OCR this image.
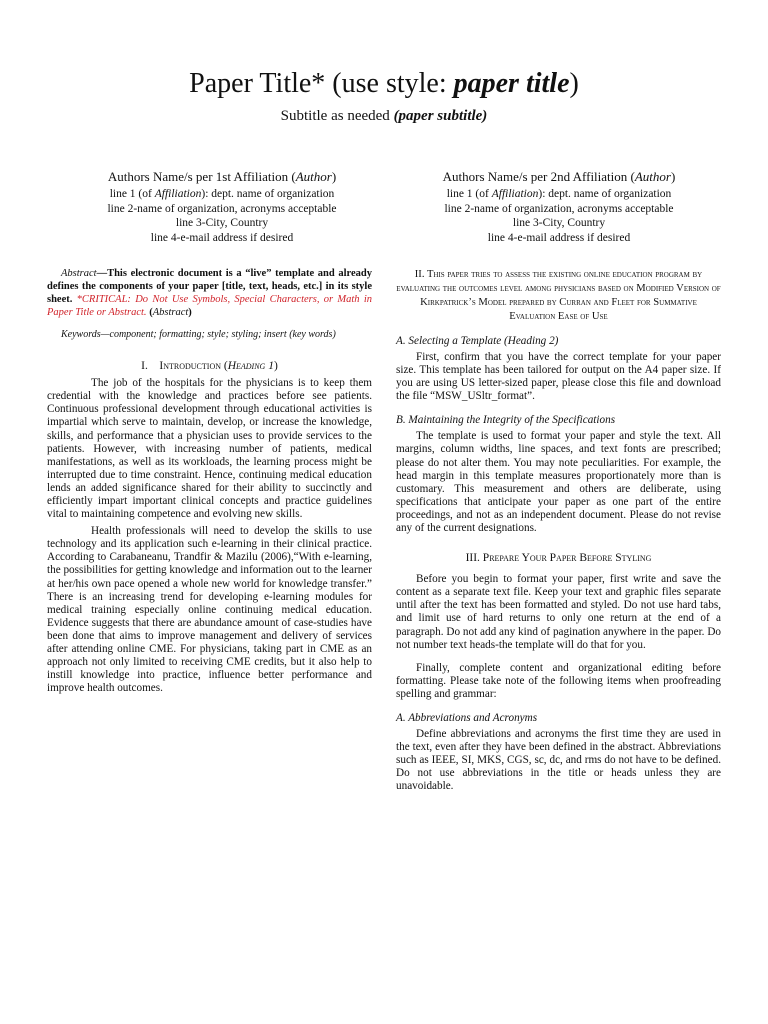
Paper Title* (use style: paper title)
Subtitle as needed (paper subtitle)
Authors Name/s per 1st Affiliation (Author)
line 1 (of Affiliation): dept. name of organization
line 2-name of organization, acronyms acceptable
line 3-City, Country
line 4-e-mail address if desired
Authors Name/s per 2nd Affiliation (Author)
line 1 (of Affiliation): dept. name of organization
line 2-name of organization, acronyms acceptable
line 3-City, Country
line 4-e-mail address if desired
Abstract—This electronic document is a “live” template and already defines the components of your paper [title, text, heads, etc.] in its style sheet. *CRITICAL: Do Not Use Symbols, Special Characters, or Math in Paper Title or Abstract. (Abstract)
Keywords—component; formatting; style; styling; insert (key words)
I. Introduction (Heading 1)

The job of the hospitals for the physicians is to keep them credential with the knowledge and practices before see patients. Continuous professional development through educational activities is impartial which serve to maintain, develop, or increase the knowledge, skills, and performance that a physician uses to provide services to the patients. However, with increasing number of patients, medical manifestations, as well as its workloads, the learning process might be interrupted due to time constraint. Hence, continuing medical education lends an added significance shared for their ability to succinctly and efficiently impart important clinical concepts and practice guidelines vital to maintaining competence and evolving new skills.

Health professionals will need to develop the skills to use technology and its application such e-learning in their clinical practice. According to Carabaneanu, Trandfir & Mazilu (2006),“With e-learning, the possibilities for getting knowledge and information out to the learner at her/his own pace opened a whole new world for knowledge transfer.” There is an increasing trend for developing e-learning modules for medical training especially online continuing medical education. Evidence suggests that there are abundance amount of case-studies have been done that aims to improve management and delivery of services after attending online CME. For physicians, taking part in CME as an approach not only limited to receiving CME credits, but it also help to instill knowledge into practice, influence better performance and improve health outcomes.

II. This paper tries to assess the existing online education program by evaluating the outcomes level among physicians based on Modified Version of Kirkpatrick’s Model prepared by Curran and Fleet for Summative Evaluation Ease of Use
A. Selecting a Template (Heading 2)

First, confirm that you have the correct template for your paper size. This template has been tailored for output on the A4 paper size. If you are using US letter-sized paper, please close this file and download the file “MSW_USltr_format”.

B. Maintaining the Integrity of the Specifications

The template is used to format your paper and style the text. All margins, column widths, line spaces, and text fonts are prescribed; please do not alter them. You may note peculiarities. For example, the head margin in this template measures proportionately more than is customary. This measurement and others are deliberate, using specifications that anticipate your paper as one part of the entire proceedings, and not as an independent document. Please do not revise any of the current designations.

III. Prepare Your Paper Before Styling

Before you begin to format your paper, first write and save the content as a separate text file. Keep your text and graphic files separate until after the text has been formatted and styled. Do not use hard tabs, and limit use of hard returns to only one return at the end of a paragraph. Do not add any kind of pagination anywhere in the paper. Do not number text heads-the template will do that for you.

Finally, complete content and organizational editing before formatting. Please take note of the following items when proofreading spelling and grammar:

A. Abbreviations and Acronyms

Define abbreviations and acronyms the first time they are used in the text, even after they have been defined in the abstract. Abbreviations such as IEEE, SI, MKS, CGS, sc, dc, and rms do not have to be defined. Do not use abbreviations in the title or heads unless they are unavoidable.
